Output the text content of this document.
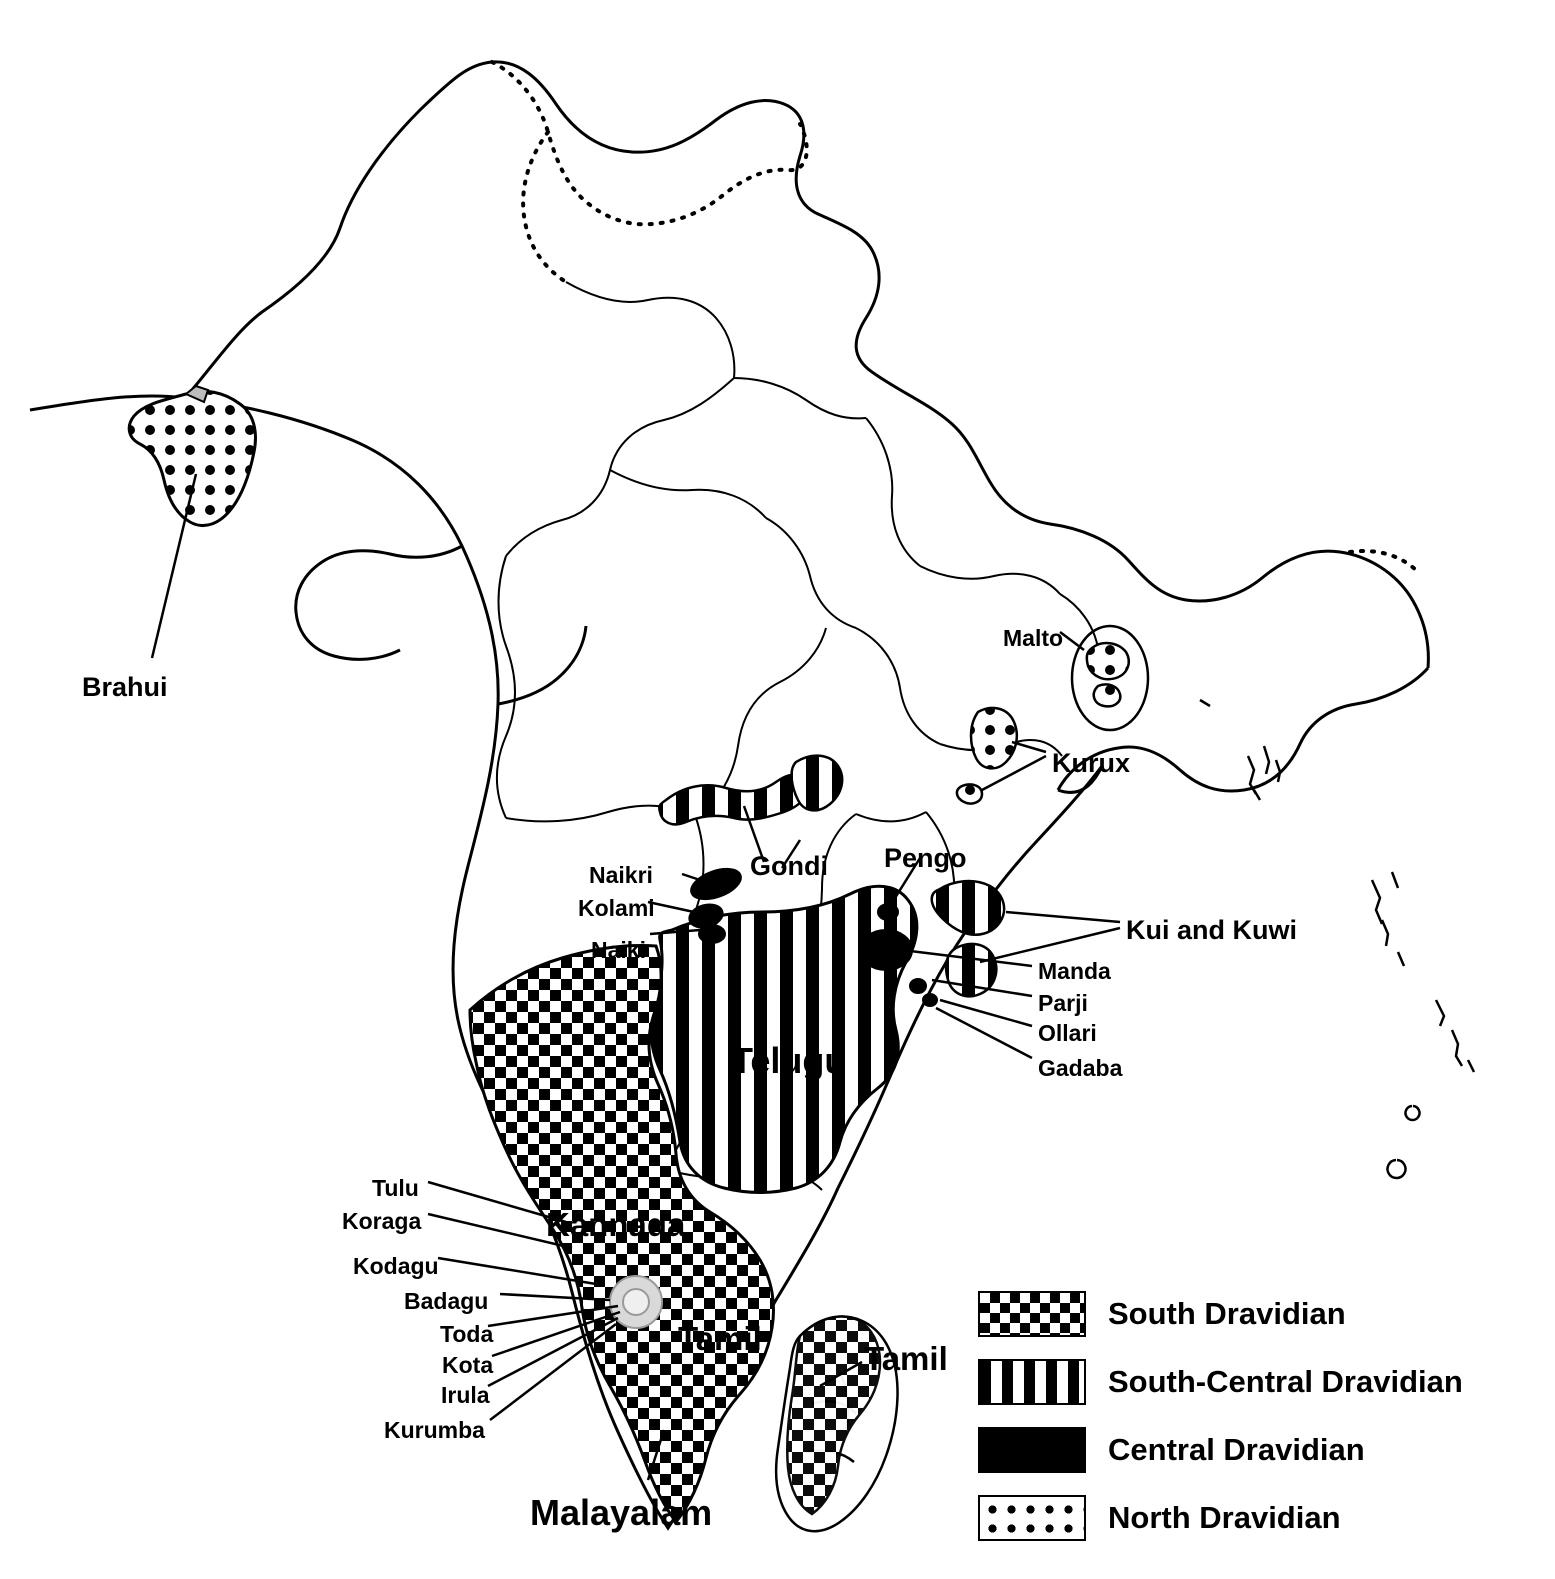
Brahui
Malto
Kurux
Naikri
Kolami
Naiki
Gondi Pengo
Kui and Kuwi
Manda
Parji
Ollari
Gadaba
Telugu
Tulu
Koraga
Kodagu
Badagu
Toda
Kota
Irula
Kurumba
Kannada
Tamil
Tamil
Malayalam
South Dravidian
South-Central Dravidian
Central Dravidian
North Dravidian
